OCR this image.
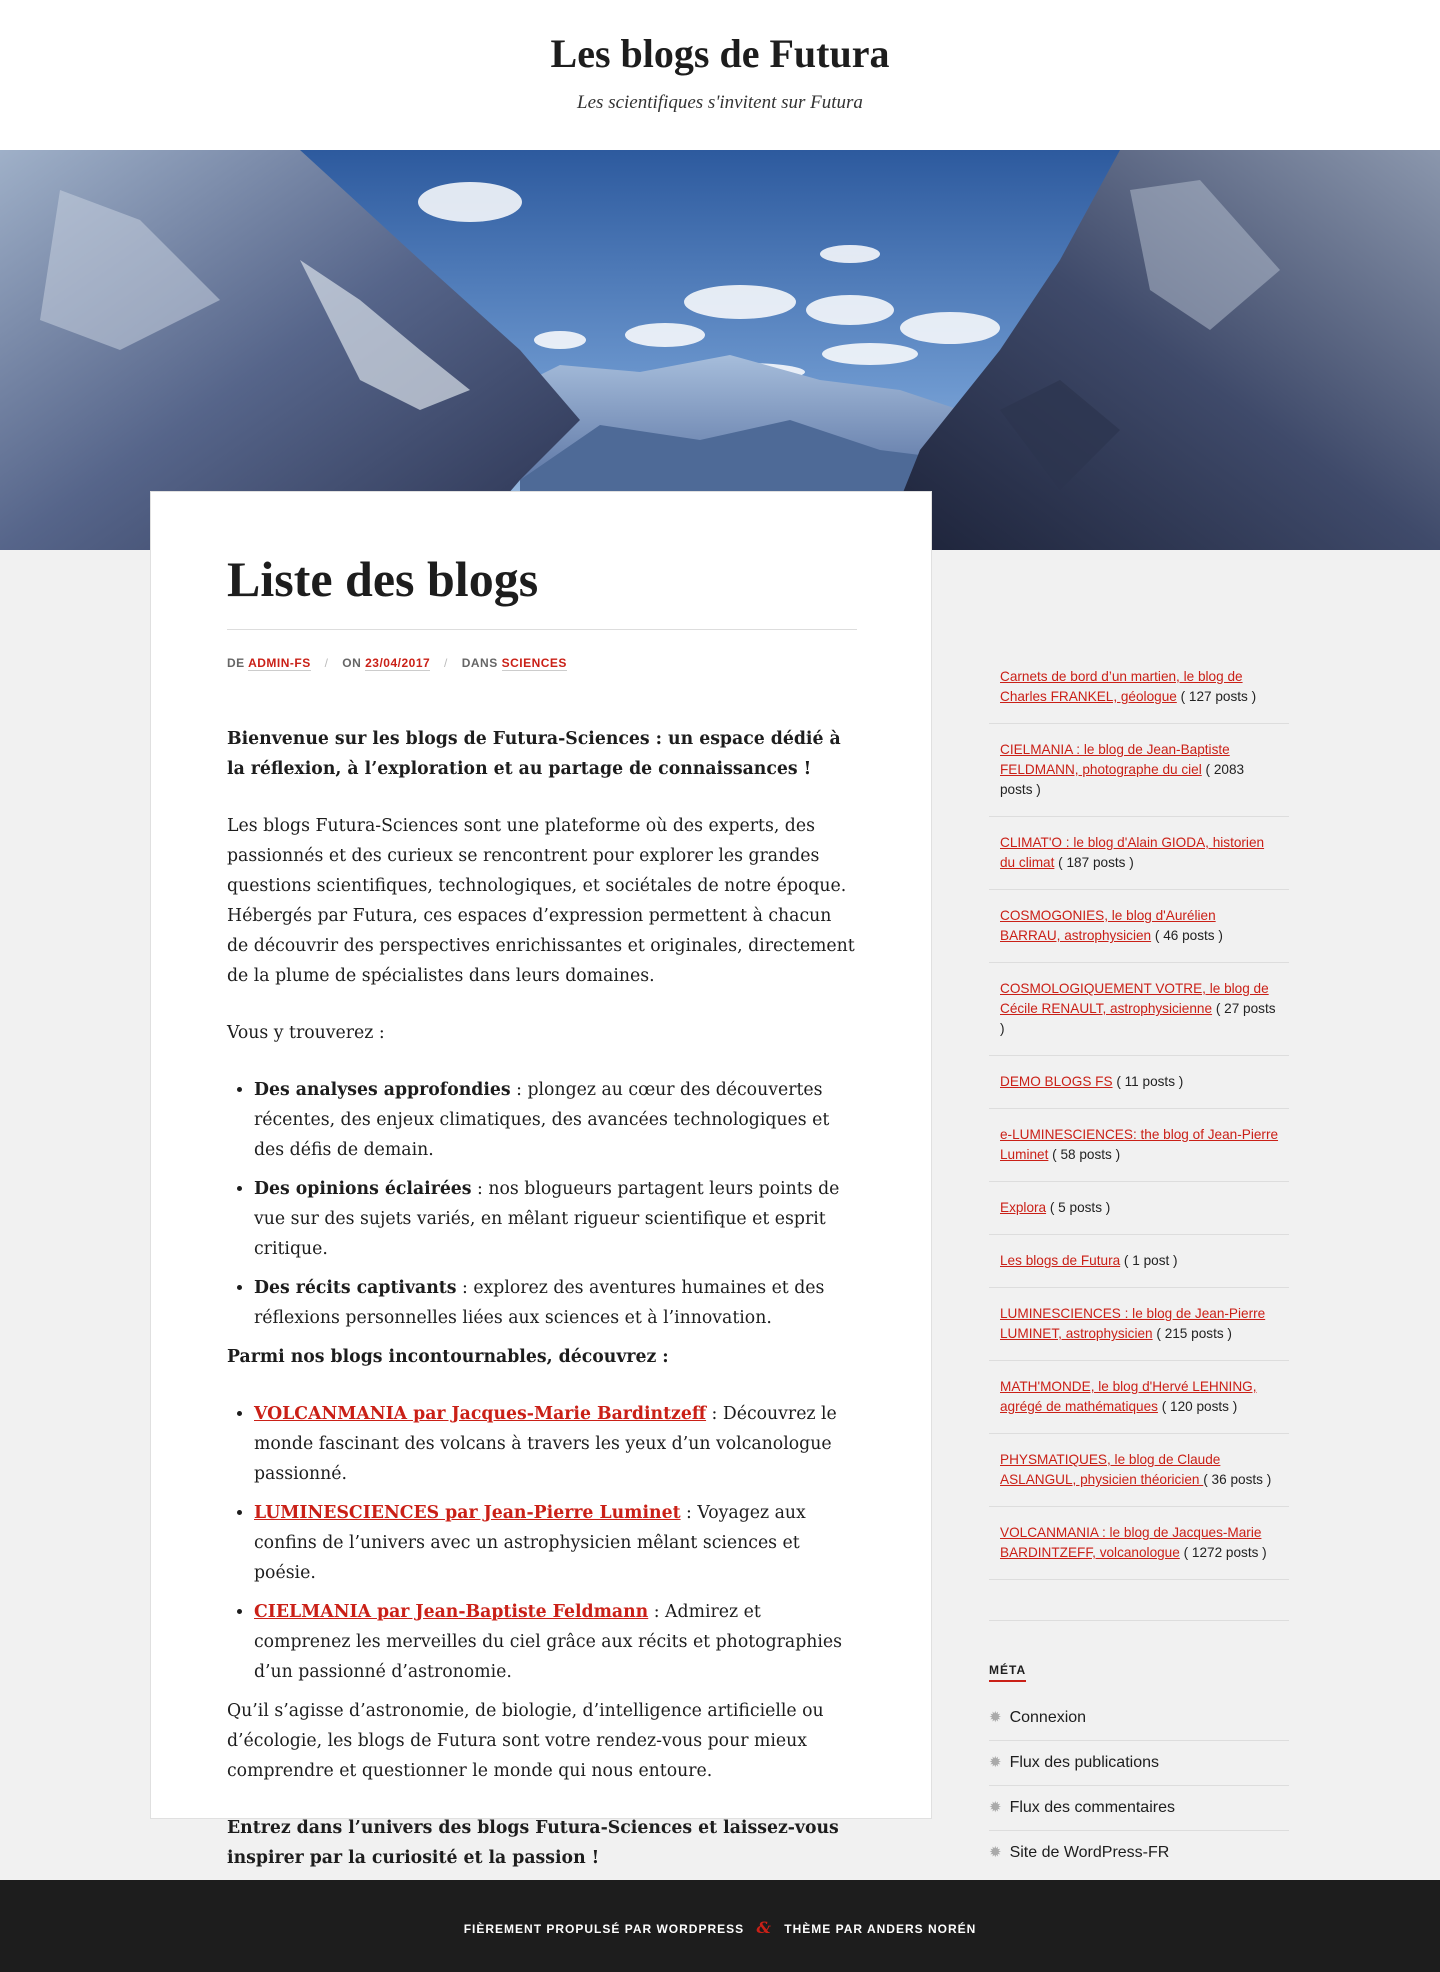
Les blogs de Futura
Les scientifiques s'invitent sur Futura
Liste des blogs
DE ADMIN-FS / ON 23/04/2017 / DANS SCIENCES

Bienvenue sur les blogs de Futura-Sciences : un espace dédié à la réflexion, à l’exploration et au partage de connaissances !

Les blogs Futura-Sciences sont une plateforme où des experts, des passionnés et des curieux se rencontrent pour explorer les grandes questions scientifiques, technologiques, et sociétales de notre époque. Hébergés par Futura, ces espaces d’expression permettent à chacun de découvrir des perspectives enrichissantes et originales, directement de la plume de spécialistes dans leurs domaines.

Vous y trouverez :

• Des analyses approfondies : plongez au cœur des découvertes récentes, des enjeux climatiques, des avancées technologiques et des défis de demain.
• Des opinions éclairées : nos blogueurs partagent leurs points de vue sur des sujets variés, en mêlant rigueur scientifique et esprit critique.
• Des récits captivants : explorez des aventures humaines et des réflexions personnelles liées aux sciences et à l’innovation.

Parmi nos blogs incontournables, découvrez :

• VOLCANMANIA par Jacques-Marie Bardintzeff : Découvrez le monde fascinant des volcans à travers les yeux d’un volcanologue passionné.
• LUMINESCIENCES par Jean-Pierre Luminet : Voyagez aux confins de l’univers avec un astrophysicien mêlant sciences et poésie.
• CIELMANIA par Jean-Baptiste Feldmann : Admirez et comprenez les merveilles du ciel grâce aux récits et photographies d’un passionné d’astronomie.

Qu’il s’agisse d’astronomie, de biologie, d’intelligence artificielle ou d’écologie, les blogs de Futura sont votre rendez-vous pour mieux comprendre et questionner le monde qui nous entoure.

Entrez dans l’univers des blogs Futura-Sciences et laissez-vous inspirer par la curiosité et la passion !

Carnets de bord d’un martien, le blog de Charles FRANKEL, géologue ( 127 posts )
CIELMANIA : le blog de Jean-Baptiste FELDMANN, photographe du ciel ( 2083 posts )
CLIMAT'O : le blog d'Alain GIODA, historien du climat ( 187 posts )
COSMOGONIES, le blog d'Aurélien BARRAU, astrophysicien ( 46 posts )
COSMOLOGIQUEMENT VOTRE, le blog de Cécile RENAULT, astrophysicienne ( 27 posts )
DEMO BLOGS FS ( 11 posts )
e-LUMINESCIENCES: the blog of Jean-Pierre Luminet ( 58 posts )
Explora ( 5 posts )
Les blogs de Futura ( 1 post )
LUMINESCIENCES : le blog de Jean-Pierre LUMINET, astrophysicien ( 215 posts )
MATH'MONDE, le blog d'Hervé LEHNING, agrégé de mathématiques ( 120 posts )
PHYSMATIQUES, le blog de Claude ASLANGUL, physicien théoricien ( 36 posts )
VOLCANMANIA : le blog de Jacques-Marie BARDINTZEFF, volcanologue ( 1272 posts )
MÉTA
✹ Connexion
✹ Flux des publications
✹ Flux des commentaires
✹ Site de WordPress-FR
FIÈREMENT PROPULSÉ PAR WORDPRESS & THÈME PAR ANDERS NORÉN
